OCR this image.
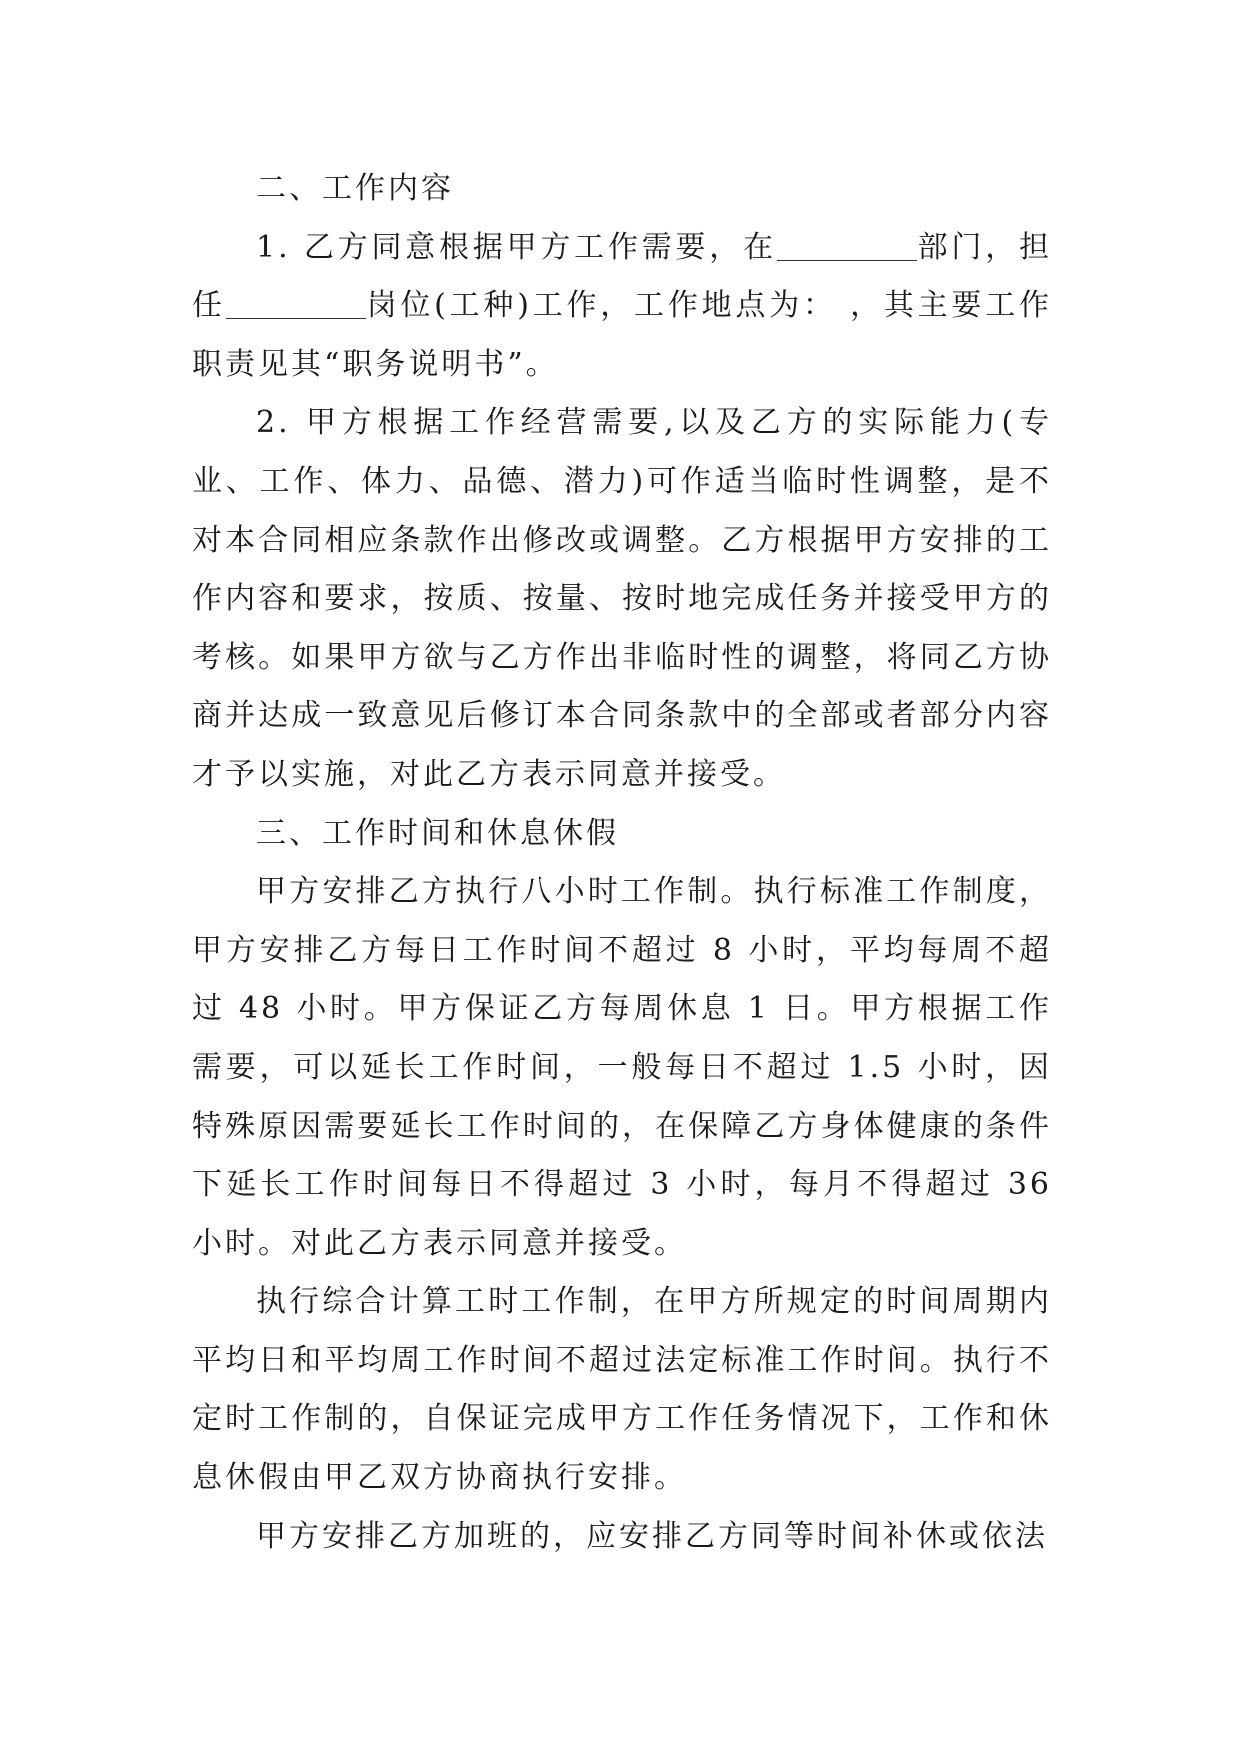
二、工作内容

1. 乙方同意根据甲方工作需要，在	部门，担任	岗位(工种)工作，工作地点为： ，其主要工作职责见其“职务说明书”。

2. 甲方根据工作经营需要,以及乙方的实际能力(专业、工作、体力、品德、潜力)可作适当临时性调整，是不对本合同相应条款作出修改或调整。乙方根据甲方安排的工作内容和要求，按质、按量、按时地完成任务并接受甲方的考核。如果甲方欲与乙方作出非临时性的调整，将同乙方协商并达成一致意见后修订本合同条款中的全部或者部分内容才予以实施，对此乙方表示同意并接受。

三、工作时间和休息休假

甲方安排乙方执行八小时工作制。执行标准工作制度，甲方安排乙方每日工作时间不超过 8 小时，平均每周不超过 48 小时。甲方保证乙方每周休息 1 日。甲方根据工作需要，可以延长工作时间，一般每日不超过 1.5 小时，因特殊原因需要延长工作时间的，在保障乙方身体健康的条件下延长工作时间每日不得超过 3 小时，每月不得超过 36 小时。对此乙方表示同意并接受。

执行综合计算工时工作制，在甲方所规定的时间周期内平均日和平均周工作时间不超过法定标准工作时间。执行不定时工作制的，自保证完成甲方工作任务情况下，工作和休息休假由甲乙双方协商执行安排。

甲方安排乙方加班的，应安排乙方同等时间补休或依法
